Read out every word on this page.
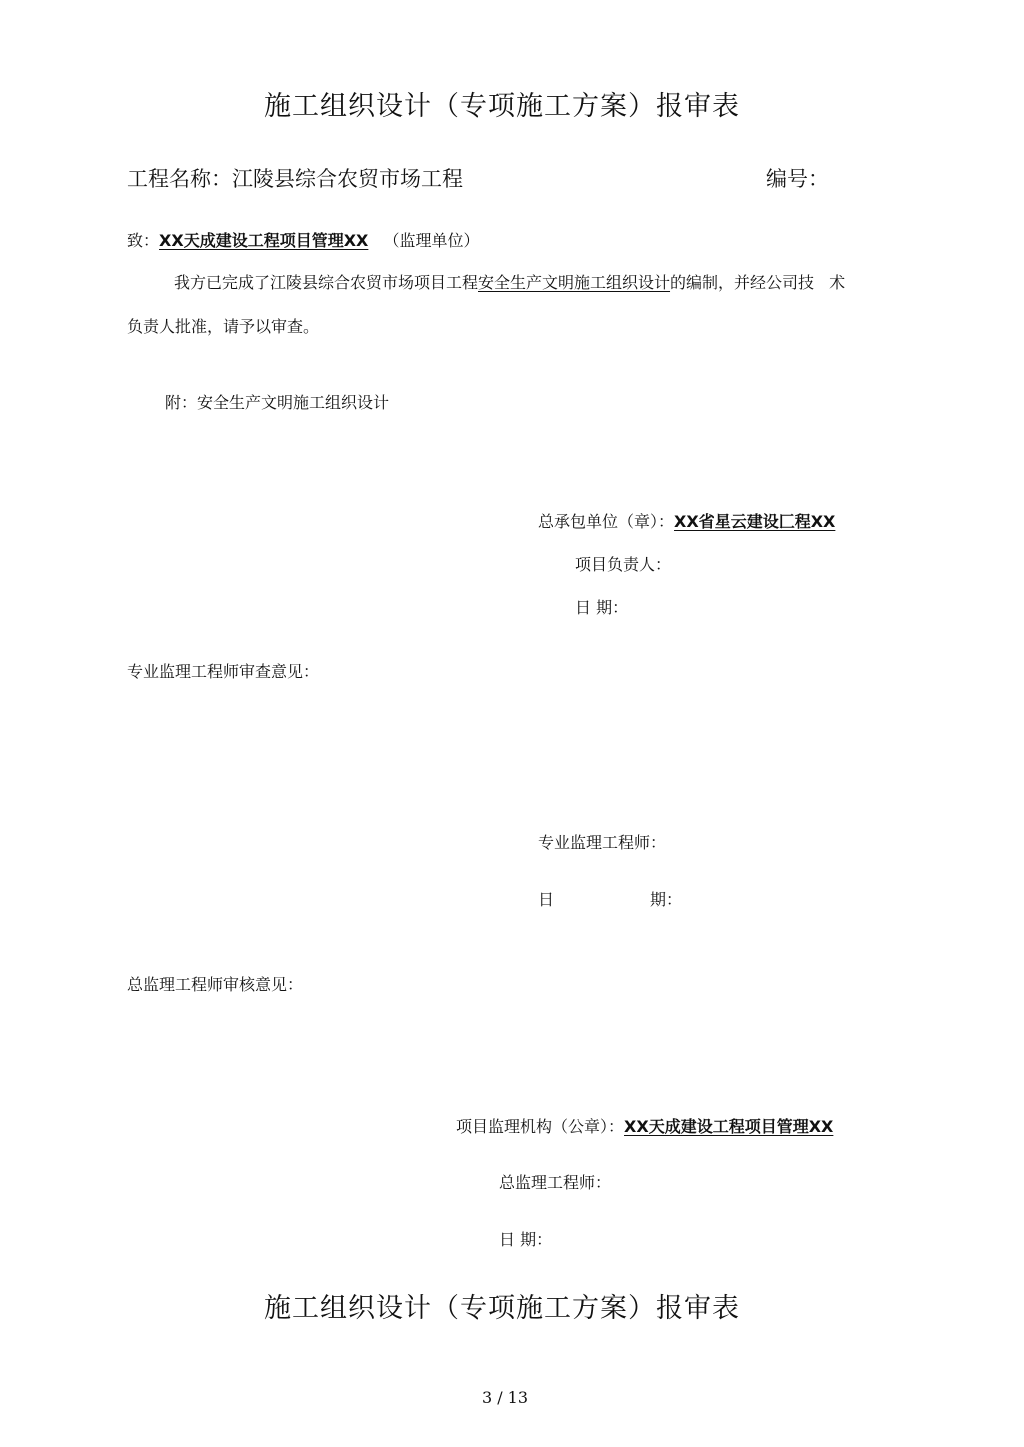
施工组织设计（专项施工方案）报审表
工程名称：江陵县综合农贸市场工程	编号：
致：XX天成建设工程项目管理XX （监理单位）
我方已完成了江陵县综合农贸市场项目工程安全生产文明施工组织设计的编制，并经公司技 术
负责人批准，请予以审查。
附：安全生产文明施工组织设计
总承包单位（章）：XX省星云建设匚程XX
项目负责人：
日 期：
专业监理工程师审查意见：
专业监理工程师：
日	期：
总监理工程师审核意见：
项目监理机构（公章）：XX天成建设工程项目管理XX
总监理工程师：
日 期：
施工组织设计（专项施工方案）报审表
3 / 13
